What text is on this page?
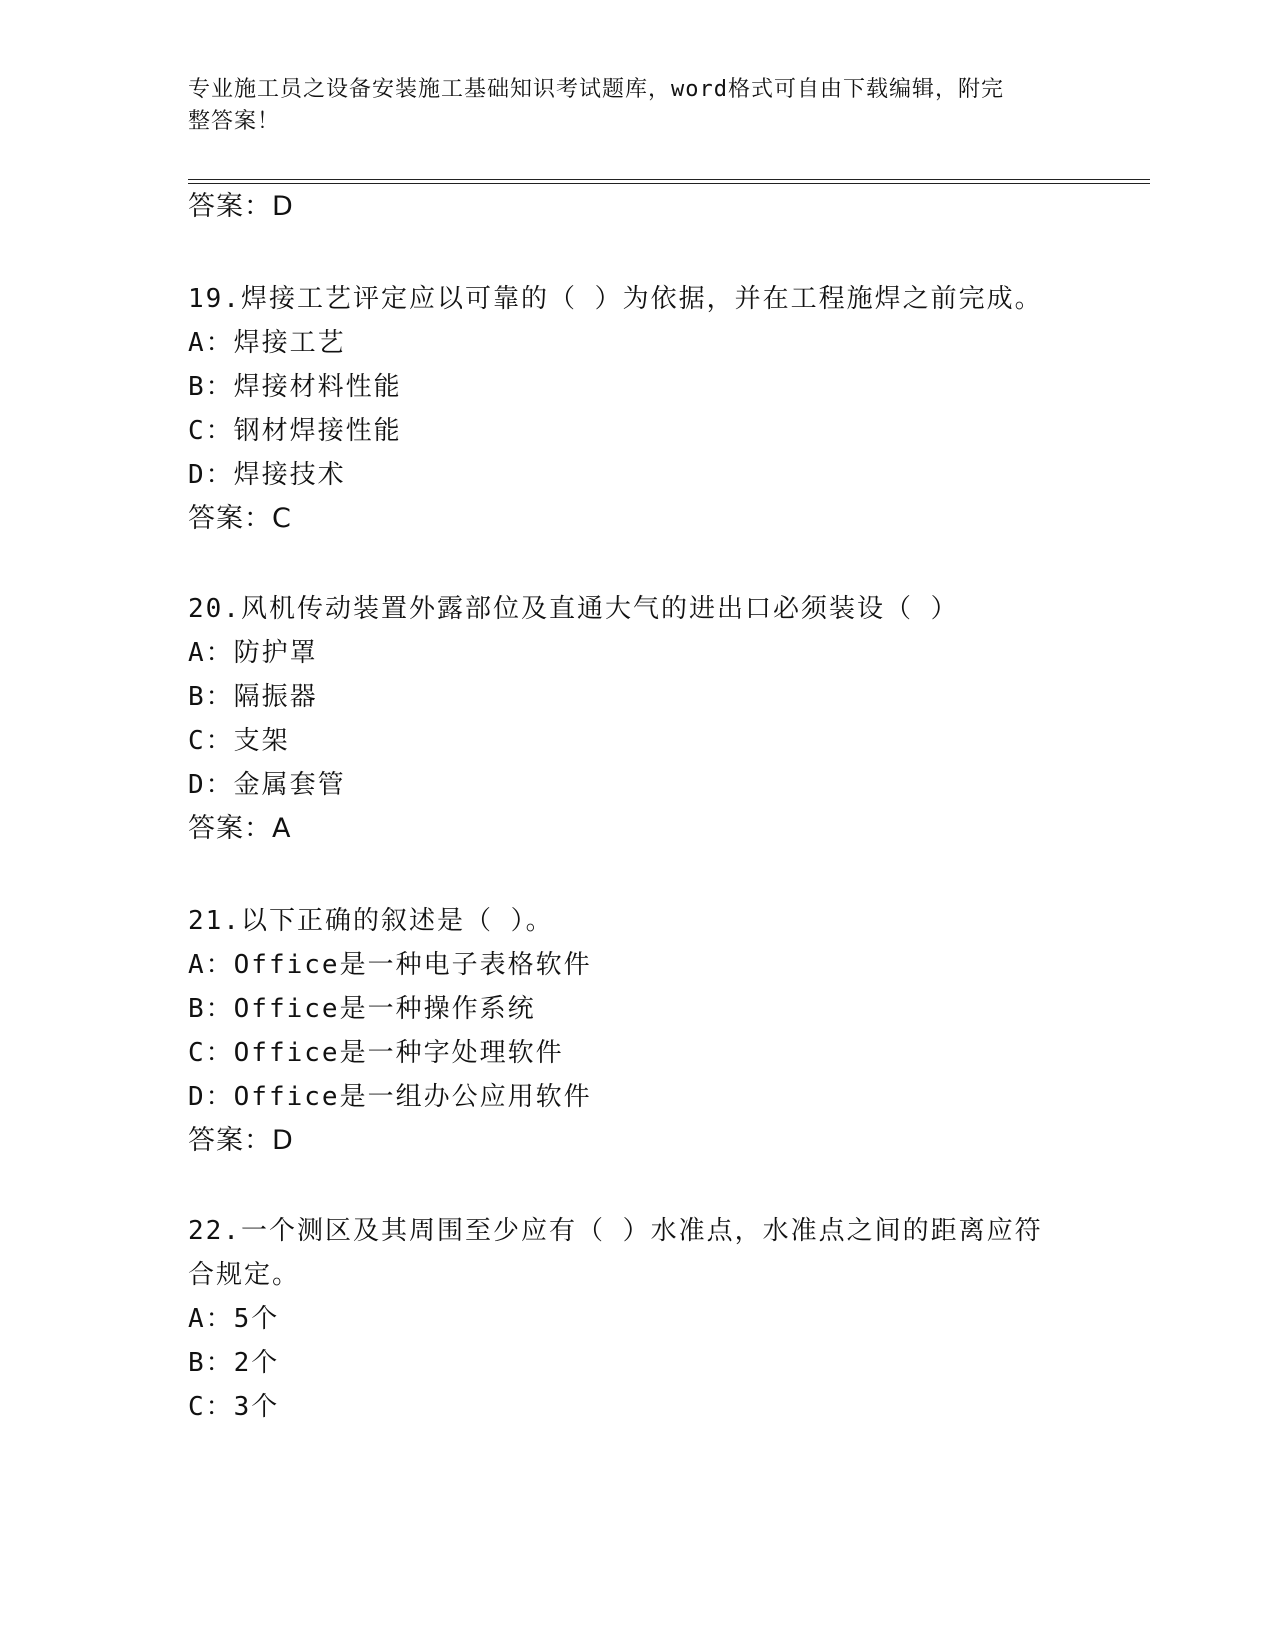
专业施工员之设备安装施工基础知识考试题库，word格式可自由下载编辑，附完
整答案！
答案：D
19.焊接工艺评定应以可靠的（ ）为依据，并在工程施焊之前完成。
A：焊接工艺
B：焊接材料性能
C：钢材焊接性能
D：焊接技术
答案：C
20.风机传动装置外露部位及直通大气的进出口必须装设（ ）
A：防护罩
B：隔振器
C：支架
D：金属套管
答案：A
21.以下正确的叙述是（ ）。
A：Office是一种电子表格软件
B：Office是一种操作系统
C：Office是一种字处理软件
D：Office是一组办公应用软件
答案：D
22.一个测区及其周围至少应有（ ）水准点，水准点之间的距离应符
合规定。
A：5个
B：2个
C：3个
